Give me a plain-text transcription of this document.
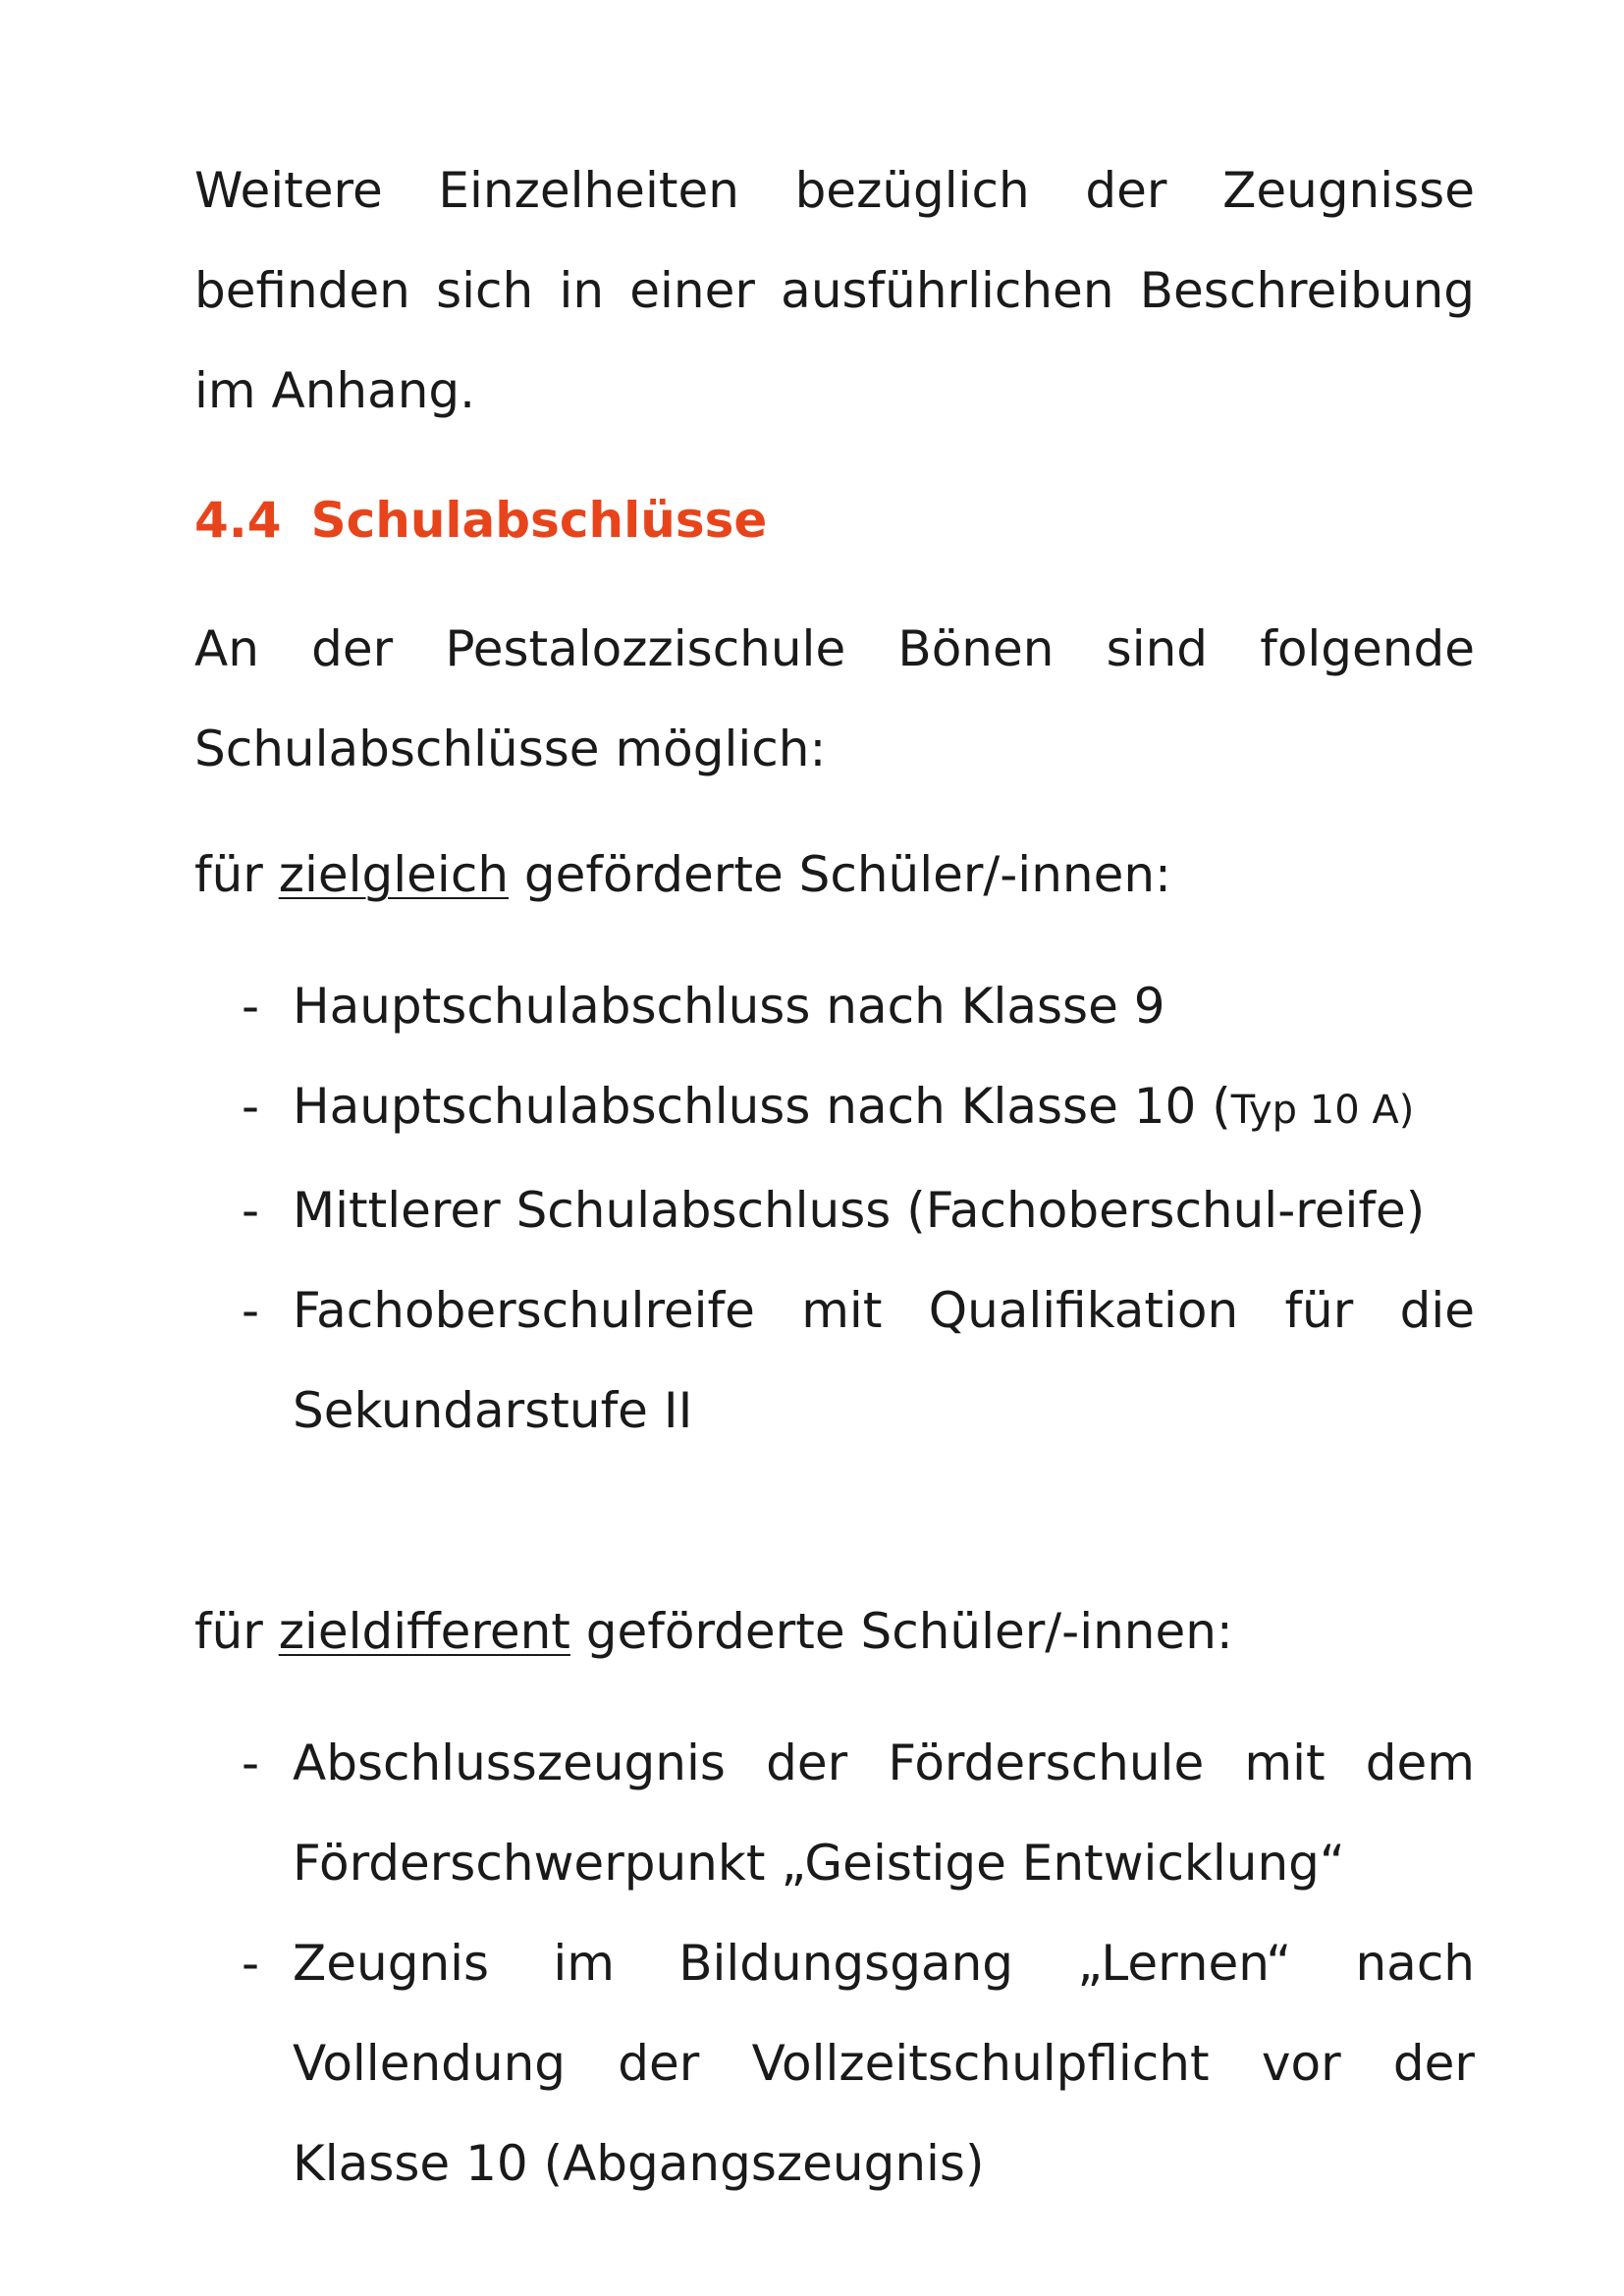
Weitere Einzelheiten bezüglich der Zeugnisse befinden sich in einer ausführlichen Beschreibung im Anhang.

4.4 Schulabschlüsse

An der Pestalozzischule Bönen sind folgende Schulabschlüsse möglich:

für zielgleich geförderte Schüler/-innen:

- Hauptschulabschluss nach Klasse 9
- Hauptschulabschluss nach Klasse 10 (Typ 10 A)
- Mittlerer Schulabschluss (Fachoberschul-reife)
- Fachoberschulreife mit Qualifikation für die Sekundarstufe II

für zieldifferent geförderte Schüler/-innen:

- Abschlusszeugnis der Förderschule mit dem Förderschwerpunkt „Geistige Entwicklung“
- Zeugnis im Bildungsgang „Lernen“ nach Vollendung der Vollzeitschulpflicht vor der Klasse 10 (Abgangszeugnis)
